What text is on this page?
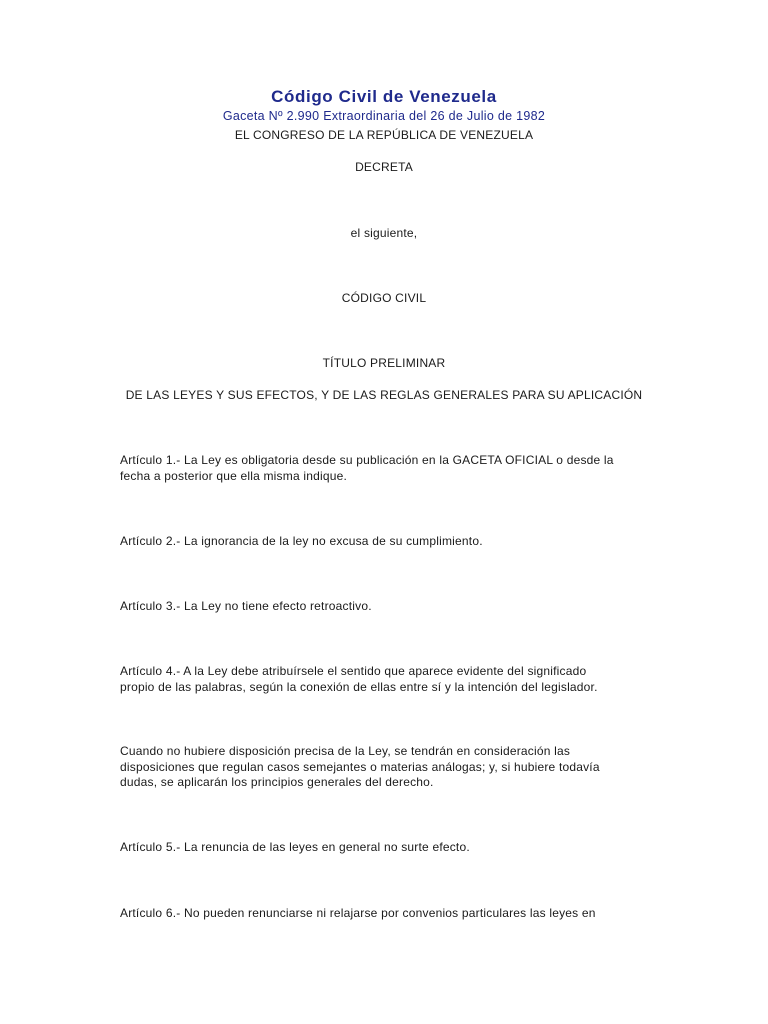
Código Civil de Venezuela
Gaceta Nº 2.990 Extraordinaria del 26 de Julio de 1982
EL CONGRESO DE LA REPÚBLICA DE VENEZUELA
DECRETA
el siguiente,
CÓDIGO CIVIL
TÍTULO PRELIMINAR
DE LAS LEYES Y SUS EFECTOS, Y DE LAS REGLAS GENERALES PARA SU APLICACIÓN
Artículo 1.- La Ley es obligatoria desde su publicación en la GACETA OFICIAL o desde la
fecha a posterior que ella misma indique.
Artículo 2.- La ignorancia de la ley no excusa de su cumplimiento.
Artículo 3.- La Ley no tiene efecto retroactivo.
Artículo 4.- A la Ley debe atribuírsele el sentido que aparece evidente del significado
propio de las palabras, según la conexión de ellas entre sí y la intención del legislador.
Cuando no hubiere disposición precisa de la Ley, se tendrán en consideración las
disposiciones que regulan casos semejantes o materias análogas; y, si hubiere todavía
dudas, se aplicarán los principios generales del derecho.
Artículo 5.- La renuncia de las leyes en general no surte efecto.
Artículo 6.- No pueden renunciarse ni relajarse por convenios particulares las leyes en
